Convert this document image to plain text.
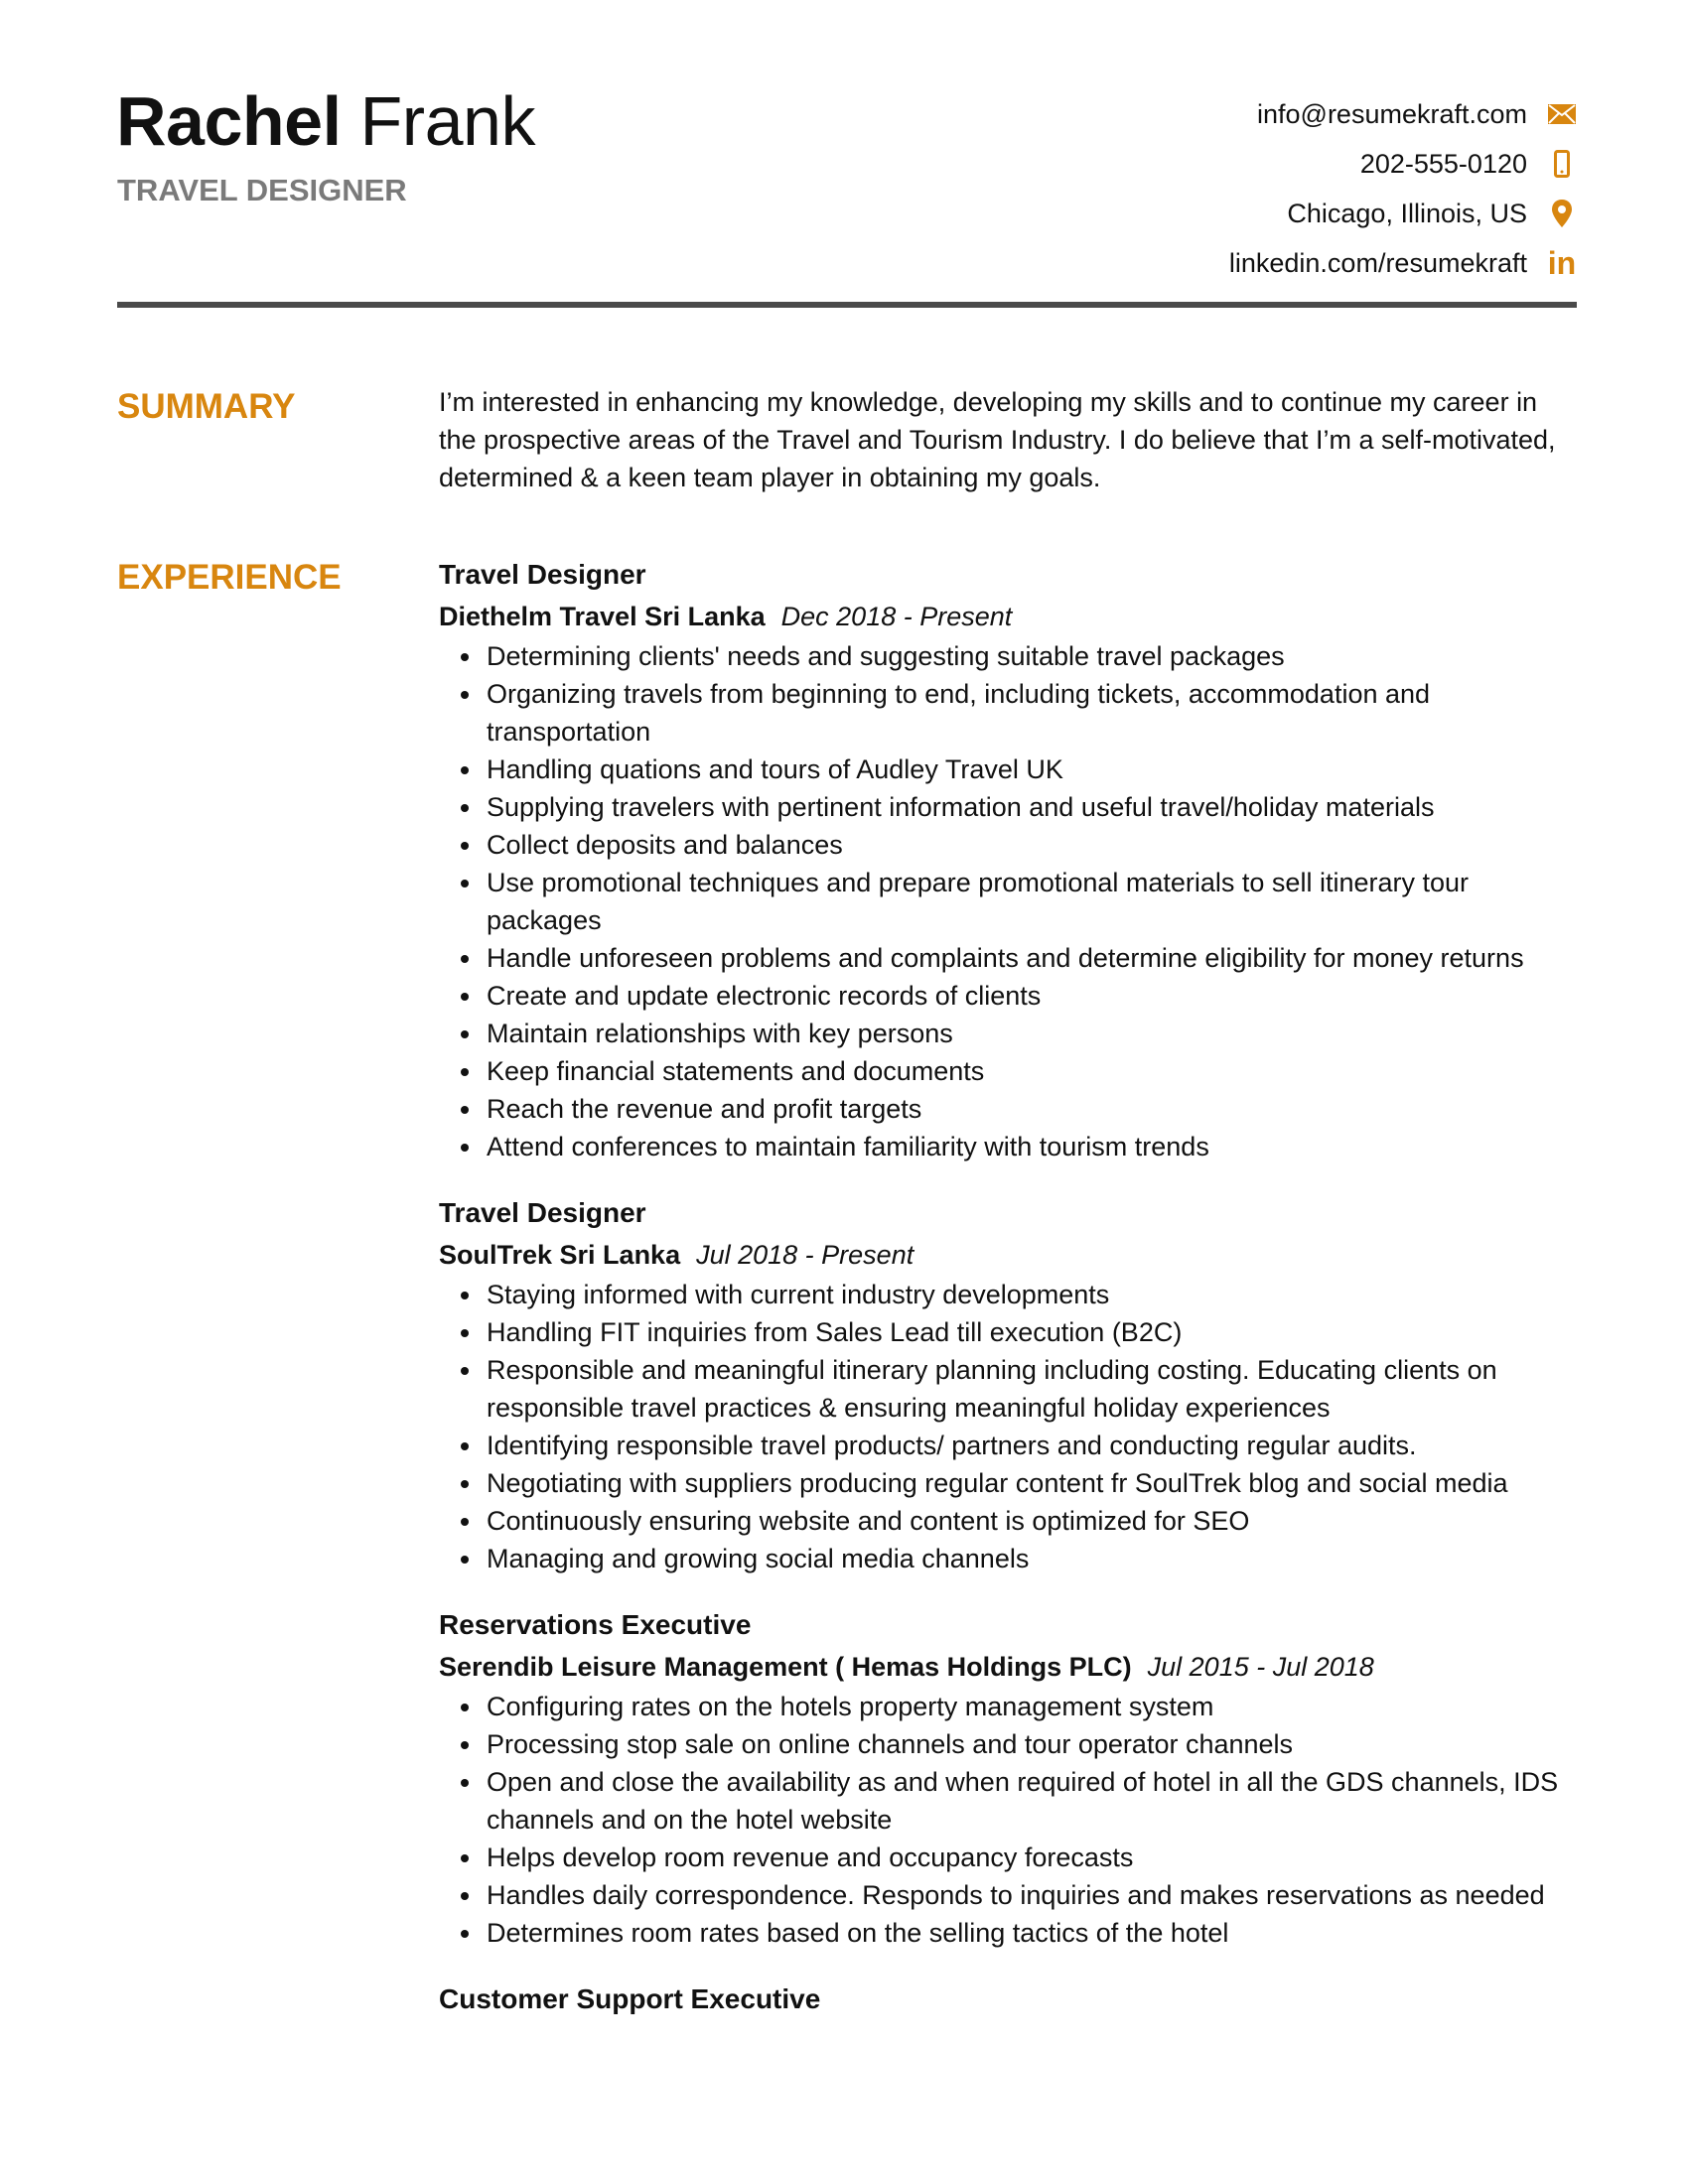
Rachel Frank
TRAVEL DESIGNER
info@resumekraft.com
202-555-0120
Chicago, Illinois, US
linkedin.com/resumekraft in
SUMMARY	I’m interested in enhancing my knowledge, developing my skills and to continue my career in the prospective areas of the Travel and Tourism Industry. I do believe that I’m a self-motivated, determined & a keen team player in obtaining my goals.
EXPERIENCE	Travel Designer
Diethelm Travel Sri Lanka Dec 2018 - Present
Determining clients' needs and suggesting suitable travel packages
Organizing travels from beginning to end, including tickets, accommodation and transportation
Handling quations and tours of Audley Travel UK
Supplying travelers with pertinent information and useful travel/holiday materials
Collect deposits and balances
Use promotional techniques and prepare promotional materials to sell itinerary tour packages
Handle unforeseen problems and complaints and determine eligibility for money returns
Create and update electronic records of clients
Maintain relationships with key persons
Keep financial statements and documents
Reach the revenue and profit targets
Attend conferences to maintain familiarity with tourism trends
Travel Designer
SoulTrek Sri Lanka Jul 2018 - Present
Staying informed with current industry developments
Handling FIT inquiries from Sales Lead till execution (B2C)
Responsible and meaningful itinerary planning including costing. Educating clients on responsible travel practices & ensuring meaningful holiday experiences
Identifying responsible travel products/ partners and conducting regular audits.
Negotiating with suppliers producing regular content fr SoulTrek blog and social media
Continuously ensuring website and content is optimized for SEO
Managing and growing social media channels
Reservations Executive
Serendib Leisure Management ( Hemas Holdings PLC) Jul 2015 - Jul 2018
Configuring rates on the hotels property management system
Processing stop sale on online channels and tour operator channels
Open and close the availability as and when required of hotel in all the GDS channels, IDS channels and on the hotel website
Helps develop room revenue and occupancy forecasts
Handles daily correspondence. Responds to inquiries and makes reservations as needed
Determines room rates based on the selling tactics of the hotel
Customer Support Executive
